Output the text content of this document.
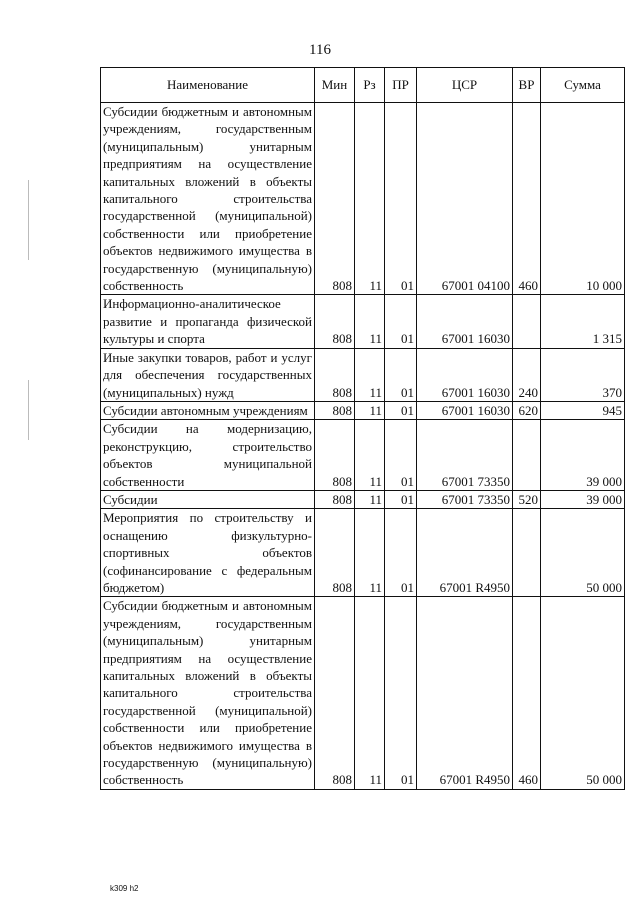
116
Наименование	Мин	Рз	ПР	ЦСР	ВР	Сумма
Субсидии бюджетным и автономным учреждениям, государственным (муниципальным) унитарным предприятиям на осуществление капитальных вложений в объекты капитального строительства государственной (муниципальной) собственности или приобретение объектов недвижимого имущества в государственную (муниципальную) собственность	808	11	01	67001 04100	460	10 000
Информационно-аналитическое развитие и пропаганда физической культуры и спорта	808	11	01	67001 16030		1 315
Иные закупки товаров, работ и услуг для обеспечения государственных (муниципальных) нужд	808	11	01	67001 16030	240	370
Субсидии автономным учреждениям	808	11	01	67001 16030	620	945
Субсидии на модернизацию, реконструкцию, строительство объектов муниципальной собственности	808	11	01	67001 73350		39 000
Субсидии	808	11	01	67001 73350	520	39 000
Мероприятия по строительству и оснащению физкультурно-спортивных объектов (софинансирование с федеральным бюджетом)	808	11	01	67001 R4950		50 000
Субсидии бюджетным и автономным учреждениям, государственным (муниципальным) унитарным предприятиям на осуществление капитальных вложений в объекты капитального строительства государственной (муниципальной) собственности или приобретение объектов недвижимого имущества в государственную (муниципальную) собственность	808	11	01	67001 R4950	460	50 000
k309 h2
